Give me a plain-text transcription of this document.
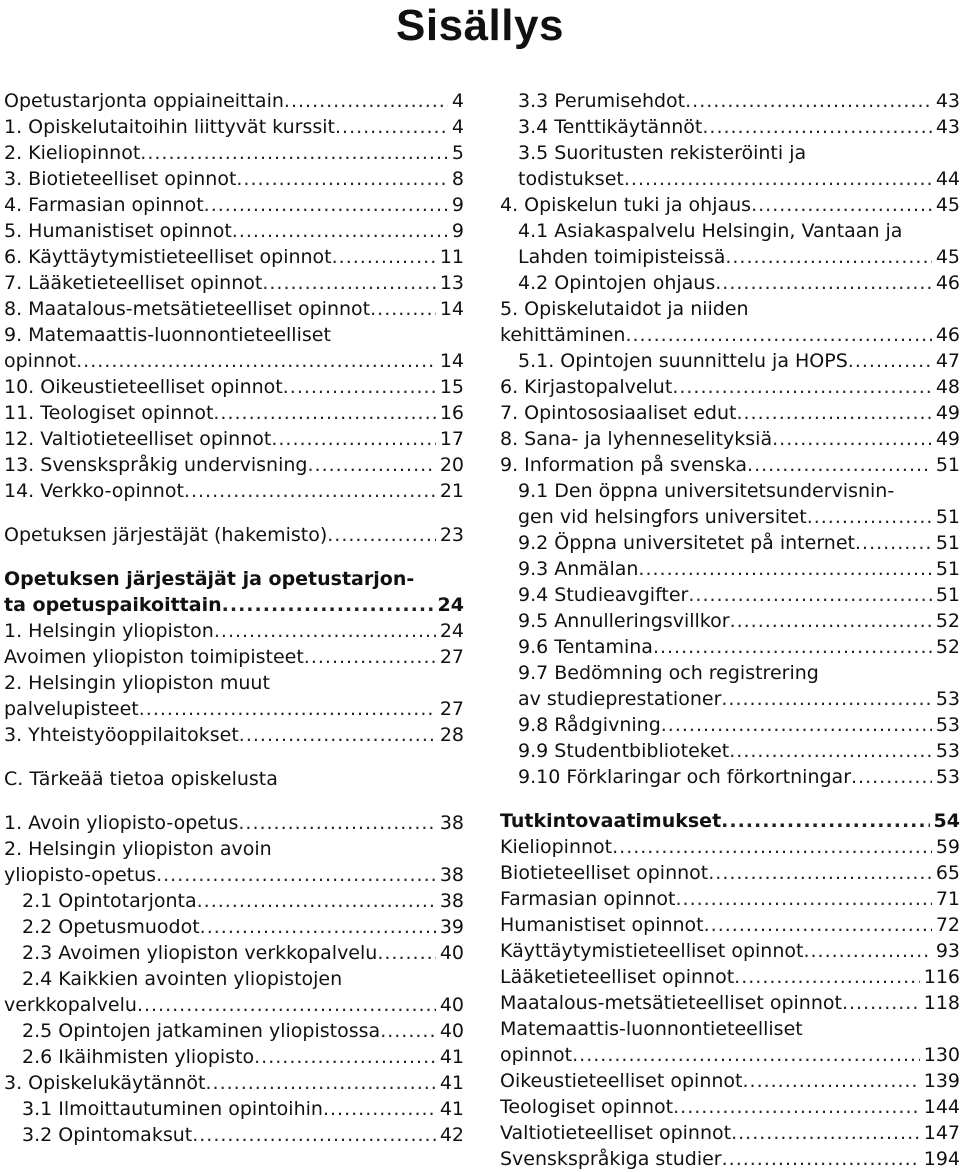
Sisällys
Opetustarjonta oppiaineittain .....	4
1. Opiskelutaitoihin liittyvät kurssit .....	4
2. Kieliopinnot .....	5
3. Biotieteelliset opinnot .....	8
4. Farmasian opinnot .....	9
5. Humanistiset opinnot .....	9
6. Käyttäytymistieteelliset opinnot .....	11
7. Lääketieteelliset opinnot .....	13
8. Maatalous-metsätieteelliset opinnot .....	14
9. Matemaattis-luonnontieteelliset
opinnot .....	14
10. Oikeustieteelliset opinnot .....	15
11. Teologiset opinnot .....	16
12. Valtiotieteelliset opinnot .....	17
13. Svenskspråkig undervisning .....	20
14. Verkko-opinnot .....	21
Opetuksen järjestäjät (hakemisto) .....	23
Opetuksen järjestäjät ja opetustarjon-
ta opetuspaikoittain .....	24
1. Helsingin yliopiston .....	24
Avoimen yliopiston toimipisteet .....	27
2. Helsingin yliopiston muut
palvelupisteet .....	27
3. Yhteistyöoppilaitokset .....	28
C. Tärkeää tietoa opiskelusta
1. Avoin yliopisto-opetus .....	38
2. Helsingin yliopiston avoin
yliopisto-opetus .....	38
2.1 Opintotarjonta .....	38
2.2 Opetusmuodot .....	39
2.3 Avoimen yliopiston verkkopalvelu .....	40
2.4 Kaikkien avointen yliopistojen
verkkopalvelu .....	40
2.5 Opintojen jatkaminen yliopistossa .....	40
2.6 Ikäihmisten yliopisto .....	41
3. Opiskelukäytännöt .....	41
3.1 Ilmoittautuminen opintoihin .....	41
3.2 Opintomaksut .....	42
3.3 Perumisehdot .....	43
3.4 Tenttikäytännöt .....	43
3.5 Suoritusten rekisteröinti ja
todistukset .....	44
4. Opiskelun tuki ja ohjaus .....	45
4.1 Asiakaspalvelu Helsingin, Vantaan ja
Lahden toimipisteissä .....	45
4.2 Opintojen ohjaus .....	46
5. Opiskelutaidot ja niiden
kehittäminen .....	46
5.1. Opintojen suunnittelu ja HOPS .....	47
6. Kirjastopalvelut .....	48
7. Opintososiaaliset edut .....	49
8. Sana- ja lyhenneselityksiä .....	49
9. Information på svenska .....	51
9.1 Den öppna universitetsundervisnin-
gen vid helsingfors universitet .....	51
9.2 Öppna universitetet på internet .....	51
9.3 Anmälan .....	51
9.4 Studieavgifter .....	51
9.5 Annulleringsvillkor .....	52
9.6 Tentamina .....	52
9.7 Bedömning och registrering
av studieprestationer .....	53
9.8 Rådgivning .....	53
9.9 Studentbiblioteket .....	53
9.10 Förklaringar och förkortningar .....	53
Tutkintovaatimukset .....	54
Kieliopinnot .....	59
Biotieteelliset opinnot .....	65
Farmasian opinnot .....	71
Humanistiset opinnot .....	72
Käyttäytymistieteelliset opinnot .....	93
Lääketieteelliset opinnot .....	116
Maatalous-metsätieteelliset opinnot .....	118
Matemaattis-luonnontieteelliset
opinnot .....	130
Oikeustieteelliset opinnot .....	139
Teologiset opinnot .....	144
Valtiotieteelliset opinnot .....	147
Svenskspråkiga studier .....	194
